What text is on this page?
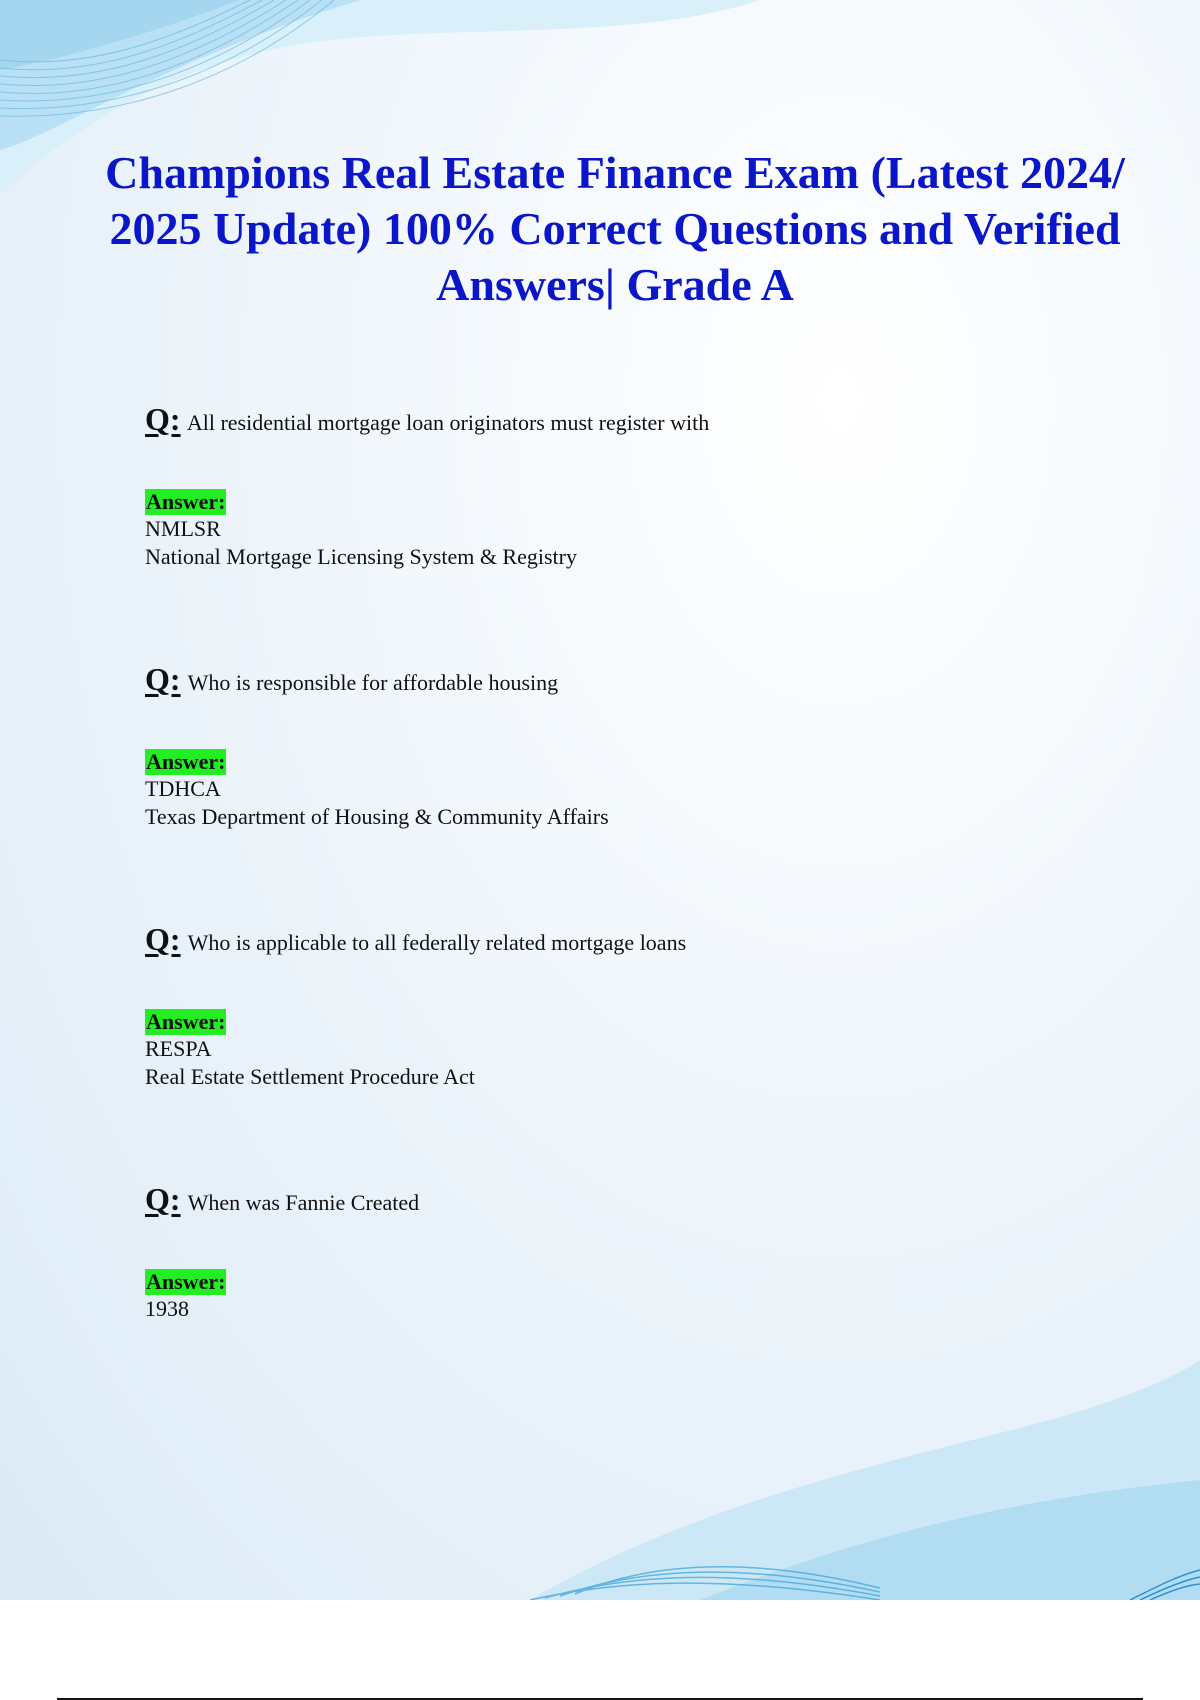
Champions Real Estate Finance Exam (Latest 2024/ 2025 Update) 100% Correct Questions and Verified Answers| Grade A
Q: All residential mortgage loan originators must register with
Answer:
NMLSR
National Mortgage Licensing System & Registry
Q: Who is responsible for affordable housing
Answer:
TDHCA
Texas Department of Housing & Community Affairs
Q: Who is applicable to all federally related mortgage loans
Answer:
RESPA
Real Estate Settlement Procedure Act
Q: When was Fannie Created
Answer:
1938
